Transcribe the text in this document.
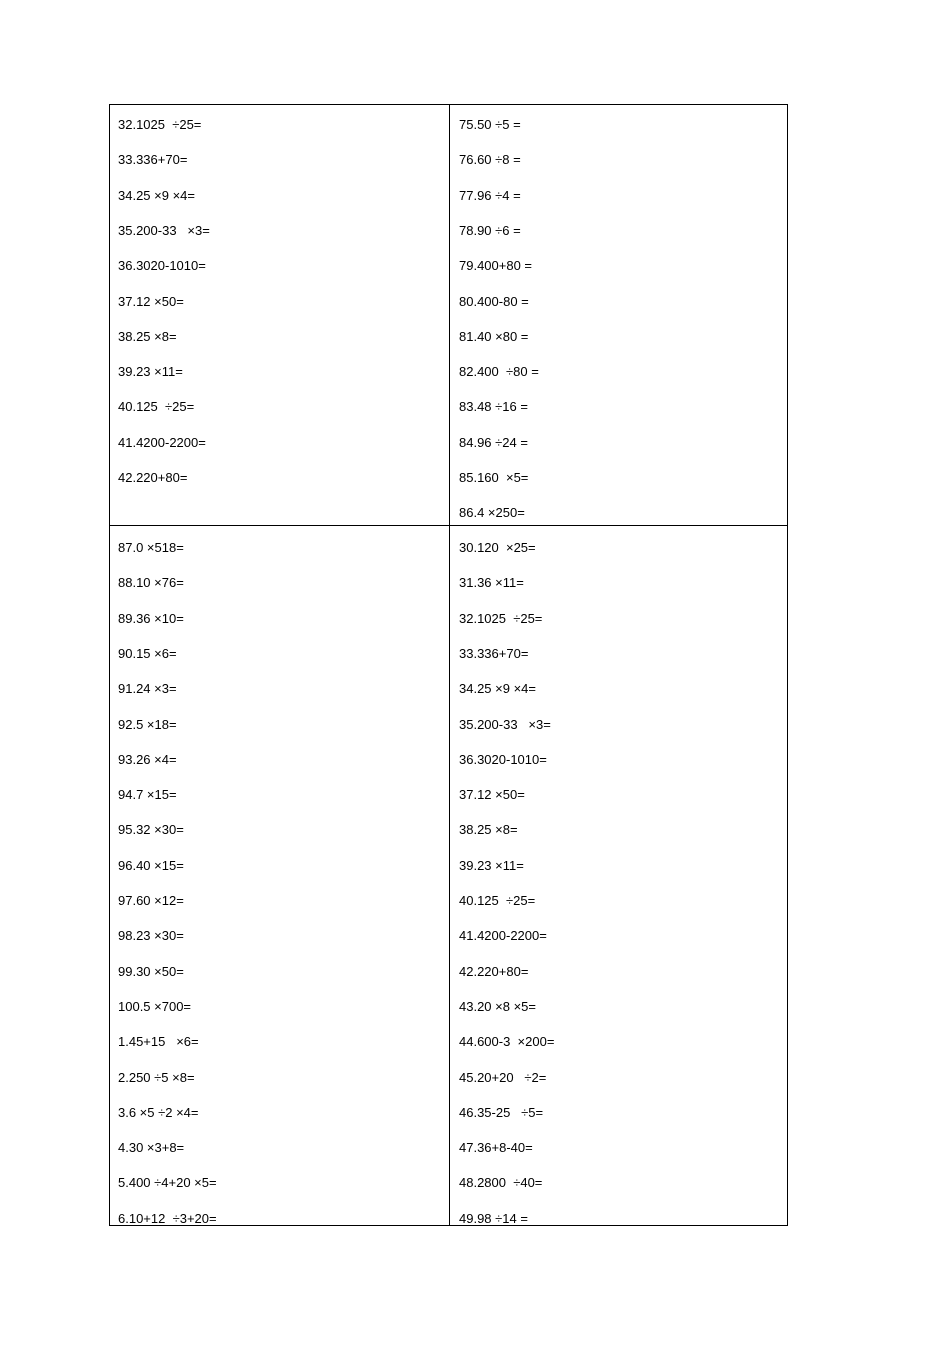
32.1025  ÷25=
33.336+70=
34.25 ×9 ×4=
35.200-33   ×3=
36.3020-1010=
37.12 ×50=
38.25 ×8=
39.23 ×11=
40.125  ÷25=
41.4200-2200=
42.220+80=
75.50 ÷5 =
76.60 ÷8 =
77.96 ÷4 =
78.90 ÷6 =
79.400+80 =
80.400-80 =
81.40 ×80 =
82.400  ÷80 =
83.48 ÷16 =
84.96 ÷24 =
85.160  ×5=
86.4 ×250=
87.0 ×518=
88.10 ×76=
89.36 ×10=
90.15 ×6=
91.24 ×3=
92.5 ×18=
93.26 ×4=
94.7 ×15=
95.32 ×30=
96.40 ×15=
97.60 ×12=
98.23 ×30=
99.30 ×50=
100.5 ×700=
1.45+15   ×6=
2.250 ÷5 ×8=
3.6 ×5 ÷2 ×4=
4.30 ×3+8=
5.400 ÷4+20 ×5=
6.10+12  ÷3+20=
30.120  ×25=
31.36 ×11=
32.1025  ÷25=
33.336+70=
34.25 ×9 ×4=
35.200-33   ×3=
36.3020-1010=
37.12 ×50=
38.25 ×8=
39.23 ×11=
40.125  ÷25=
41.4200-2200=
42.220+80=
43.20 ×8 ×5=
44.600-3  ×200=
45.20+20   ÷2=
46.35-25   ÷5=
47.36+8-40=
48.2800  ÷40=
49.98 ÷14 =
